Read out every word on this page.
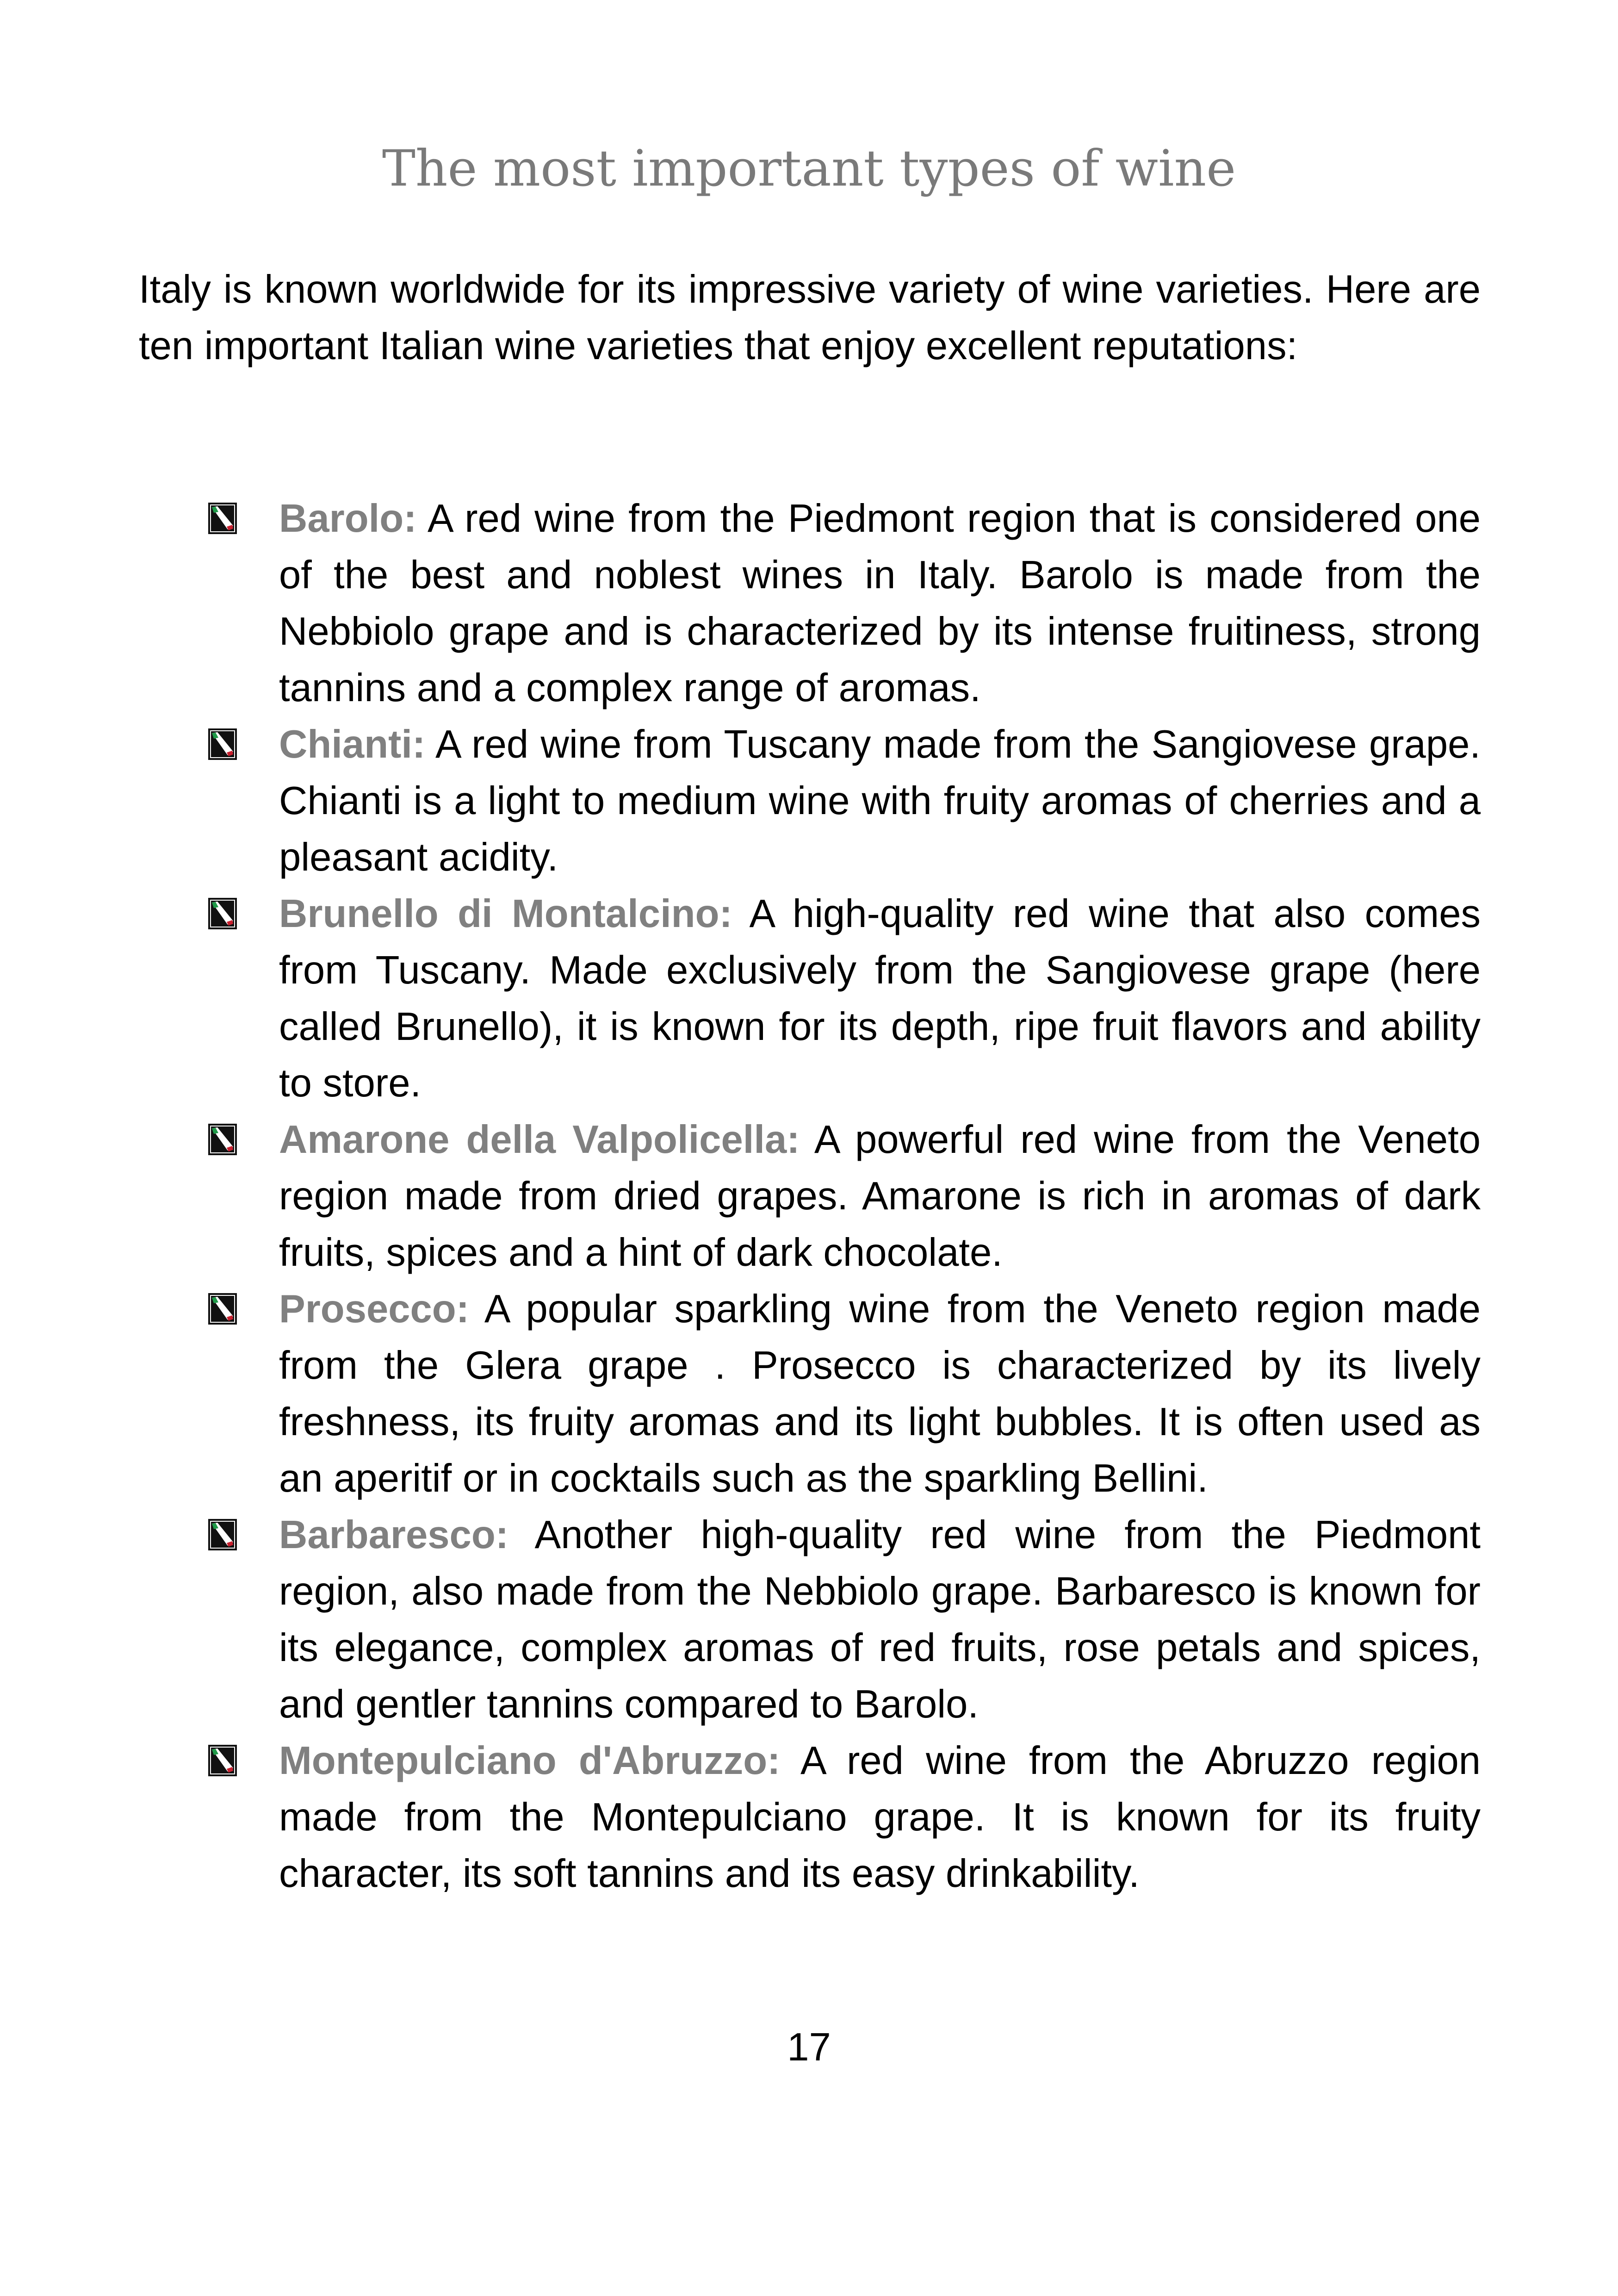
The most important types of wine

Italy is known worldwide for its impressive variety of wine varieties. Here are ten important Italian wine varieties that enjoy excellent reputations:

Barolo: A red wine from the Piedmont region that is considered one of the best and noblest wines in Italy. Barolo is made from the Nebbiolo grape and is characterized by its intense fruitiness, strong tannins and a complex range of aromas.
Chianti: A red wine from Tuscany made from the Sangiovese grape. Chianti is a light to medium wine with fruity aromas of cherries and a pleasant acidity.
Brunello di Montalcino: A high-quality red wine that also comes from Tuscany. Made exclusively from the Sangiovese grape (here called Brunello), it is known for its depth, ripe fruit flavors and ability to store.
Amarone della Valpolicella: A powerful red wine from the Veneto region made from dried grapes. Amarone is rich in aromas of dark fruits, spices and a hint of dark chocolate.
Prosecco: A popular sparkling wine from the Veneto region made from the Glera grape . Prosecco is characterized by its lively freshness, its fruity aromas and its light bubbles. It is often used as an aperitif or in cocktails such as the sparkling Bellini.
Barbaresco: Another high-quality red wine from the Piedmont region, also made from the Nebbiolo grape. Barbaresco is known for its elegance, complex aromas of red fruits, rose petals and spices, and gentler tannins compared to Barolo.
Montepulciano d'Abruzzo: A red wine from the Abruzzo region made from the Montepulciano grape. It is known for its fruity character, its soft tannins and its easy drinkability.
17
